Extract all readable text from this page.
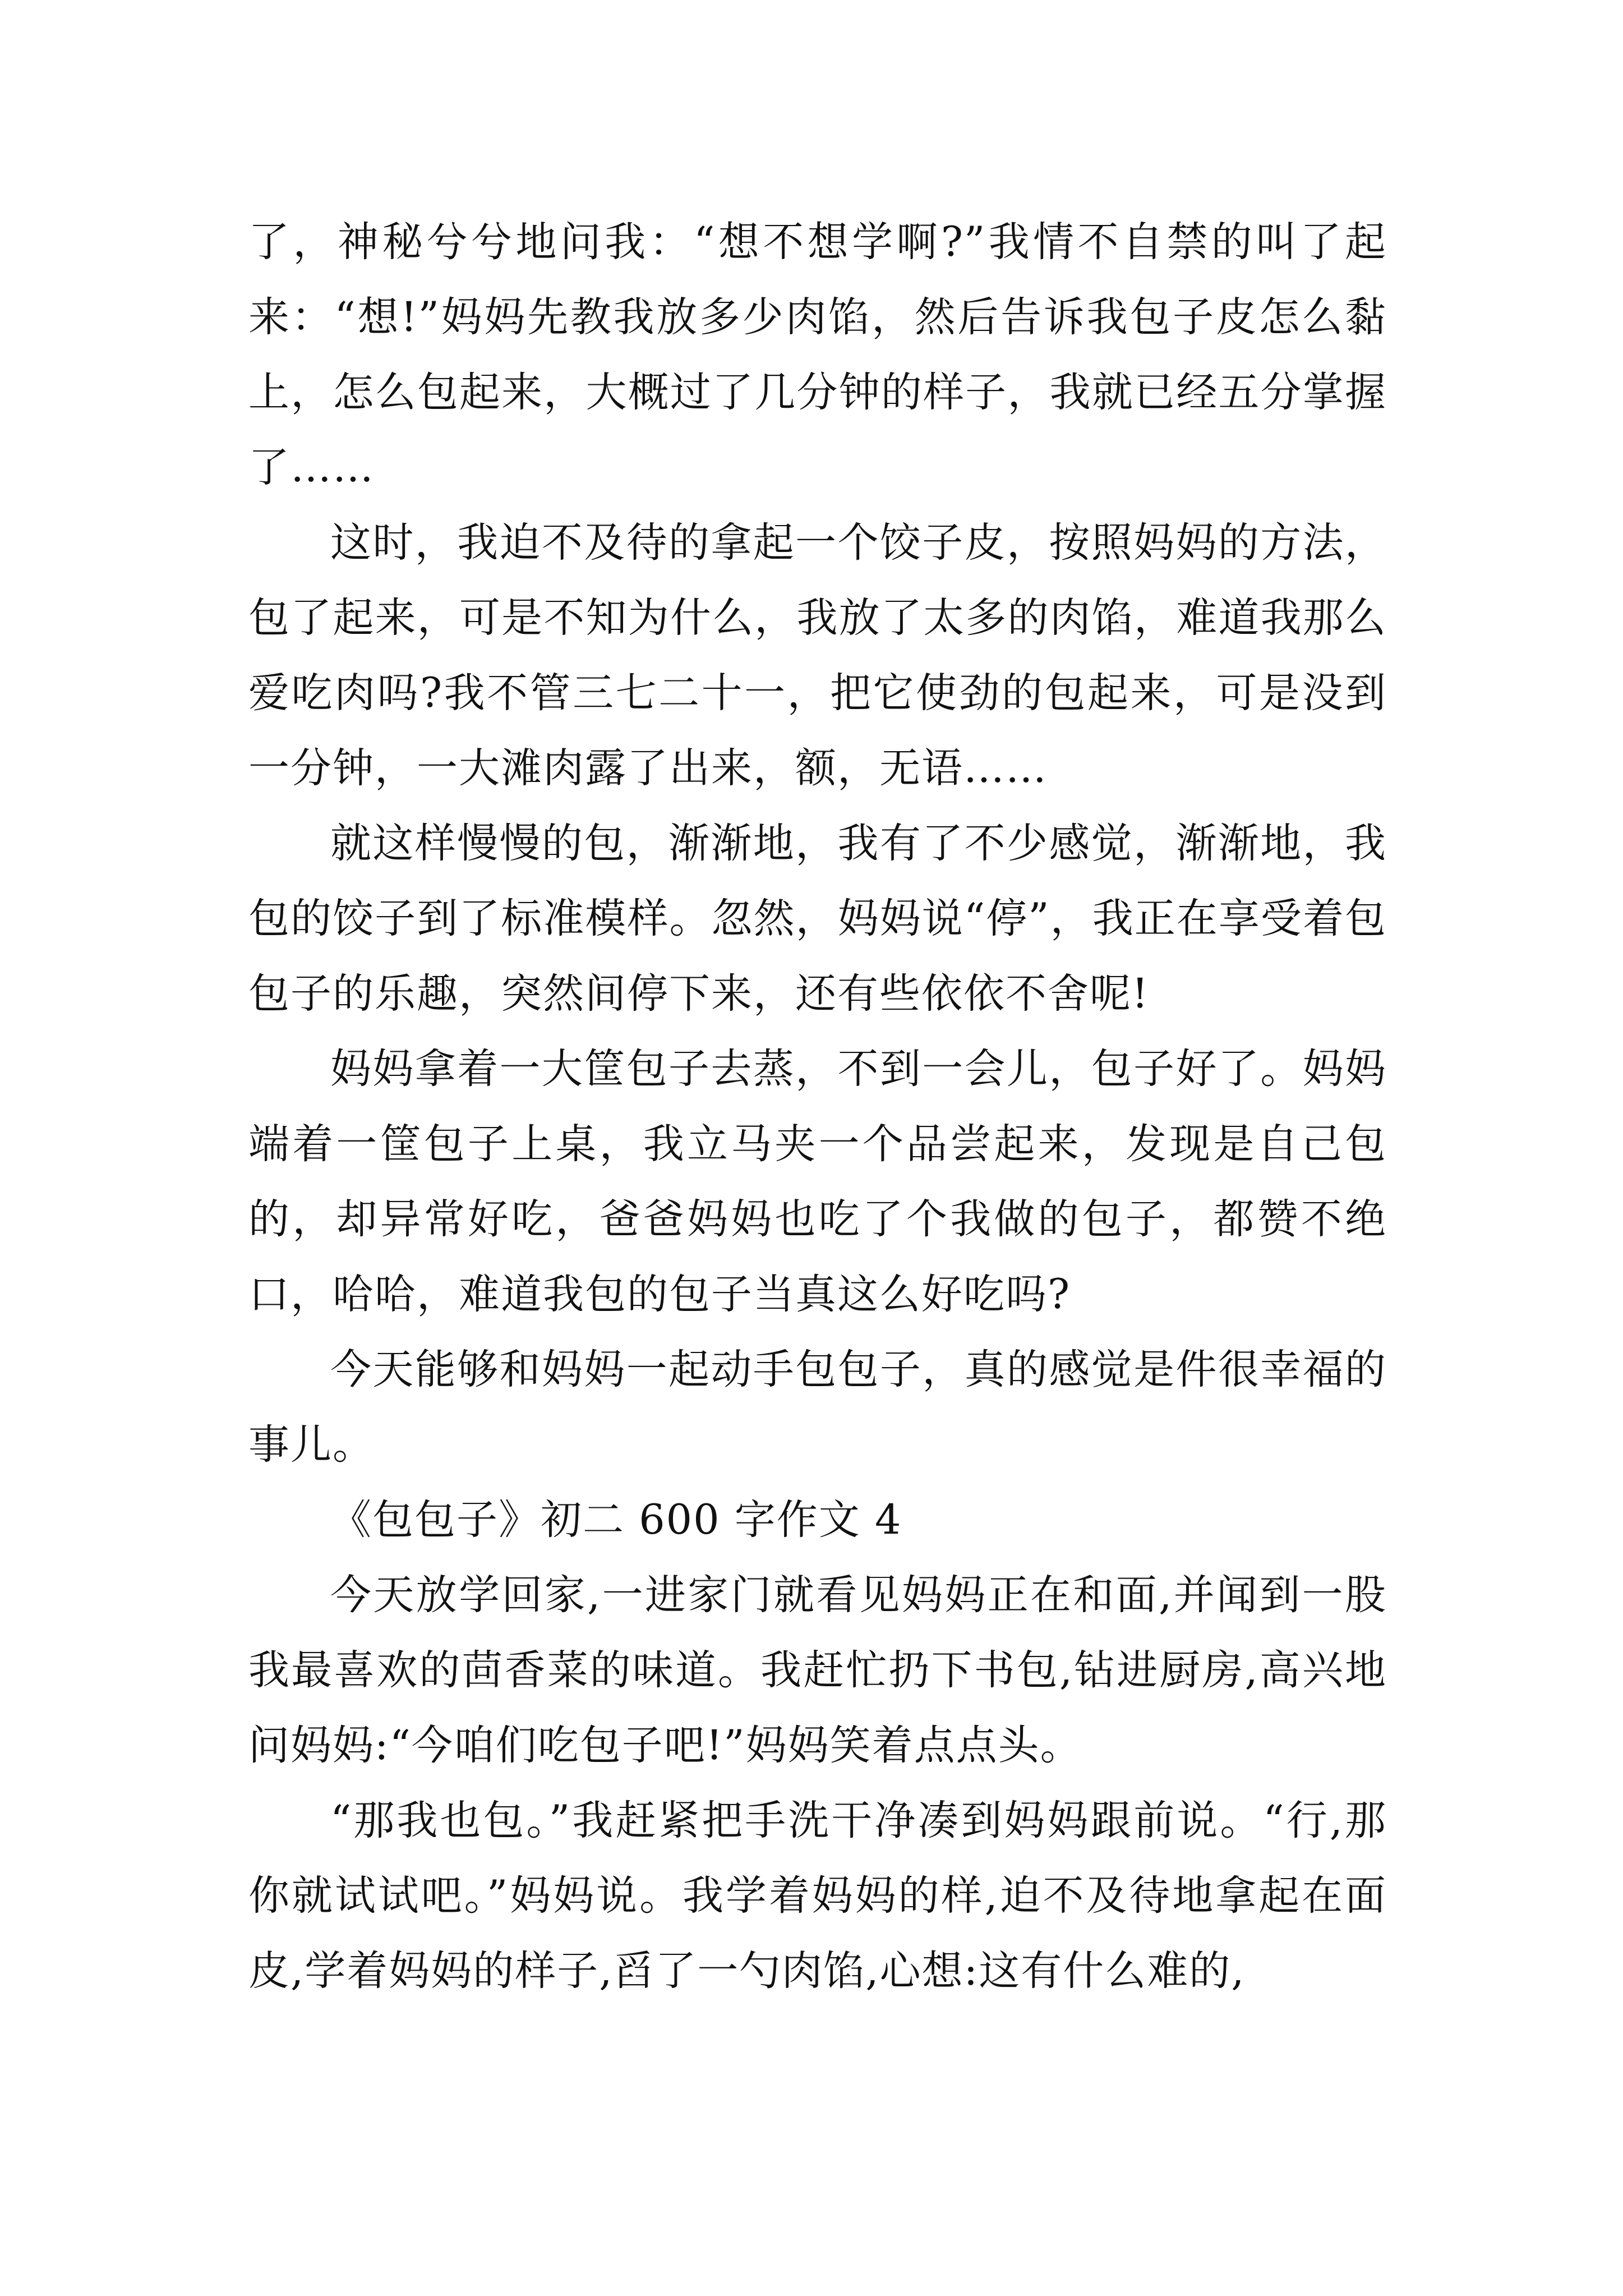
了，神秘兮兮地问我：“想不想学啊?”我情不自禁的叫了起来：“想!”妈妈先教我放多少肉馅，然后告诉我包子皮怎么黏上，怎么包起来，大概过了几分钟的样子，我就已经五分掌握了……

这时，我迫不及待的拿起一个饺子皮，按照妈妈的方法，包了起来，可是不知为什么，我放了太多的肉馅，难道我那么爱吃肉吗?我不管三七二十一，把它使劲的包起来，可是没到一分钟，一大滩肉露了出来，额，无语……

就这样慢慢的包，渐渐地，我有了不少感觉，渐渐地，我包的饺子到了标准模样。忽然，妈妈说“停”，我正在享受着包包子的乐趣，突然间停下来，还有些依依不舍呢!

妈妈拿着一大筐包子去蒸，不到一会儿，包子好了。妈妈端着一筐包子上桌，我立马夹一个品尝起来，发现是自己包的，却异常好吃，爸爸妈妈也吃了个我做的包子，都赞不绝口，哈哈，难道我包的包子当真这么好吃吗?

今天能够和妈妈一起动手包包子，真的感觉是件很幸福的事儿。

《包包子》初二 600 字作文 4

今天放学回家,一进家门就看见妈妈正在和面,并闻到一股我最喜欢的茴香菜的味道。我赶忙扔下书包,钻进厨房,高兴地问妈妈:“今咱们吃包子吧!”妈妈笑着点点头。

“那我也包。”我赶紧把手洗干净凑到妈妈跟前说。“行,那你就试试吧。”妈妈说。我学着妈妈的样,迫不及待地拿起在面皮,学着妈妈的样子,舀了一勺肉馅,心想:这有什么难的,
